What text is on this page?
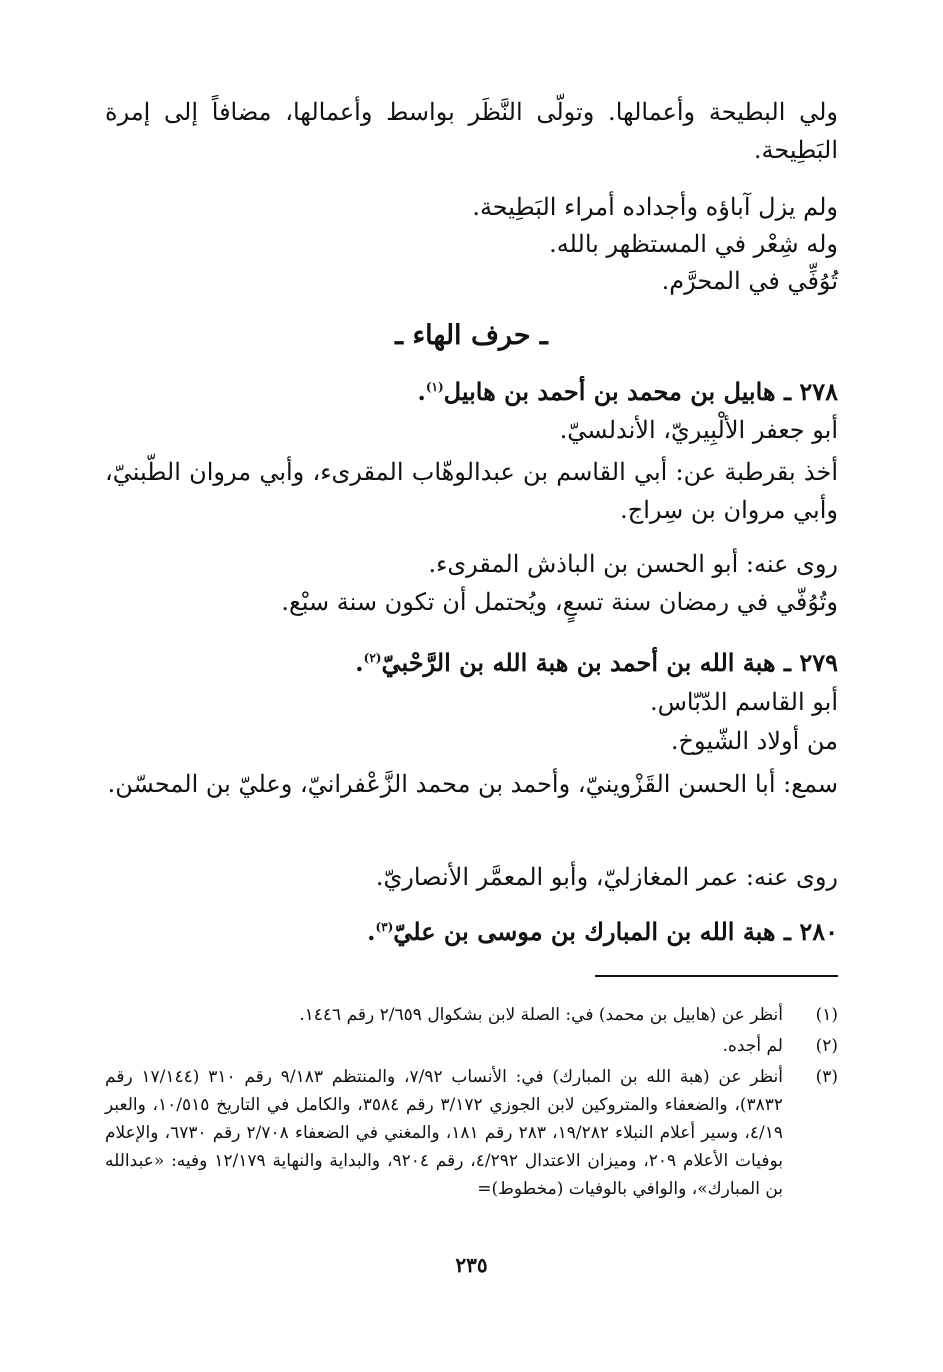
ولي البطيحة وأعمالها. وتولّى النَّظَر بواسط وأعمالها، مضافاً إلى إمرة البَطِيحة.

ولم يزل آباؤه وأجداده أمراء البَطِيحة.

وله شِعْر في المستظهر بالله.

تُوُفِّي في المحرَّم.

ـ حرف الهاء ـ

٢٧٨ ـ هابيل بن محمد بن أحمد بن هابيل$^{(١)}$.

أبو جعفر الألْبِيريّ، الأندلسيّ.

أخذ بقرطبة عن: أبي القاسم بن عبدالوهّاب المقرىء، وأبي مروان الطّبنيّ، وأبي مروان بن سِراج.

روى عنه: أبو الحسن بن الباذش المقرىء.

وتُوُفّي في رمضان سنة تسعٍ، ويُحتمل أن تكون سنة سبْع.

٢٧٩ ـ هبة الله بن أحمد بن هبة الله بن الرَّحْبيّ$^{(٢)}$.

أبو القاسم الدّبّاس.

من أولاد الشّيوخ.

سمع: أبا الحسن القَزْوينيّ، وأحمد بن محمد الزَّعْفرانيّ، وعليّ بن المحسّن.

روى عنه: عمر المغازليّ، وأبو المعمَّر الأنصاريّ.

٢٨٠ ـ هبة الله بن المبارك بن موسى بن عليّ$^{(٣)}$.

(١)
أنظر عن (هابيل بن محمد) في: الصلة لابن بشكوال ٢/٦٥٩ رقم ١٤٤٦.
(٢)
لم أجده.
(٣)
أنظر عن (هبة الله بن المبارك) في: الأنساب ٧/٩٢، والمنتظم ٩/١٨٣ رقم ٣١٠ (١٧/١٤٤ رقم ٣٨٣٢)، والضعفاء والمتروكين لابن الجوزي ٣/١٧٢ رقم ٣٥٨٤، والكامل في التاريخ ١٠/٥١٥، والعبر ٤/١٩، وسير أعلام النبلاء ١٩/٢٨٢، ٢٨٣ رقم ١٨١، والمغني في الضعفاء ٢/٧٠٨ رقم ٦٧٣٠، والإعلام بوفيات الأعلام ٢٠٩، وميزان الاعتدال ٤/٢٩٢، رقم ٩٢٠٤، والبداية والنهاية ١٢/١٧٩ وفيه: «عبدالله بن المبارك»، والوافي بالوفيات (مخطوط)=
٢٣٥
